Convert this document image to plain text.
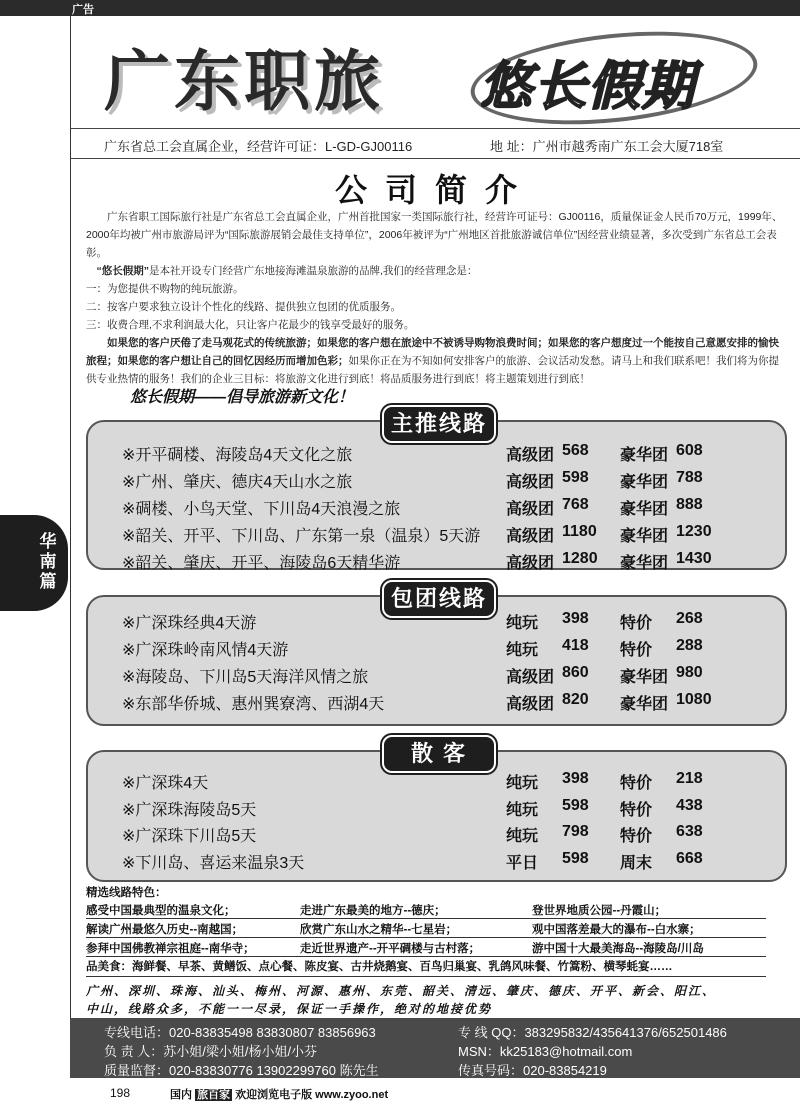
广告
广东职旅 悠长假期
广东省总工会直属企业，经营许可证：L-GD-GJ00116	地 址：广州市越秀南广东工会大厦718室
公司简介
广东省职工国际旅行社是广东省总工会直属企业，广州首批国家一类国际旅行社，经营许可证号：GJ00116，质量保证金人民币70万元，1999年、2000年均被广州市旅游局评为“国际旅游展销会最佳支持单位”，2006年被评为“广州地区首批旅游诚信单位”因经营业绩显著，多次受到广东省总工会表彰。
“悠长假期”是本社开设专门经营广东地接海滩温泉旅游的品牌,我们的经营理念是：
一：为您提供不购物的纯玩旅游。
二：按客户要求独立设计个性化的线路、提供独立包团的优质服务。
三：收费合理,不求利润最大化，只让客户花最少的钱享受最好的服务。
如果您的客户厌倦了走马观花式的传统旅游；如果您的客户想在旅途中不被诱导购物浪费时间；如果您的客户想度过一个能按自己意愿安排的愉快旅程；如果您的客户想让自己的回忆因经历而增加色彩；如果你正在为不知如何安排客户的旅游、会议活动发愁。请马上和我们联系吧！我们将为你提供专业热情的服务！我们的企业三目标：将旅游文化进行到底！将品质服务进行到底！将主题策划进行到底！
悠长假期——倡导旅游新文化！
主推线路
※开平碉楼、海陵岛4天文化之旅	高级团 568 豪华团 608
※广州、肇庆、德庆4天山水之旅	高级团 598 豪华团 788
※碉楼、小鸟天堂、下川岛4天浪漫之旅	高级团 768 豪华团 888
※韶关、开平、下川岛、广东第一泉（温泉）5天游 高级团 1180 豪华团 1230
※韶关、肇庆、开平、海陵岛6天精华游	高级团 1280 豪华团 1430
包团线路
※广深珠经典4天游	纯玩 398 特价 268
※广深珠岭南风情4天游	纯玩 418 特价 288
※海陵岛、下川岛5天海洋风情之旅	高级团 860 豪华团 980
※东部华侨城、惠州巽寮湾、西湖4天	高级团 820 豪华团 1080
散 客
※广深珠4天	纯玩 398 特价 218
※广深珠海陵岛5天	纯玩 598 特价 438
※广深珠下川岛5天	纯玩 798 特价 638
※下川岛、喜运来温泉3天	平日 598 周末 668
精选线路特色：
感受中国最典型的温泉文化；	走进广东最美的地方--德庆；	登世界地质公园--丹霞山；
解读广州最悠久历史--南越国；	欣赏广东山水之精华--七星岩；	观中国落差最大的瀑布--白水寨；
参拜中国佛教禅宗祖庭--南华寺；	走近世界遗产--开平碉楼与古村落；	游中国十大最美海岛--海陵岛/川岛
品美食：海鲜餐、早茶、黄鳝饭、点心餐、陈皮宴、古井烧鹅宴、百鸟归巢宴、乳鸽风味餐、竹篙粉、横琴蚝宴……
广州、深圳、珠海、汕头、梅州、河源、惠州、东莞、韶关、清远、肇庆、德庆、开平、新会、阳江、
中山，线路众多，不能一一尽录，保证一手操作，绝对的地接优势
专线电话：020-83835498 83830807 83856963	专 线 QQ：383295832/435641376/652501486
负 责 人：苏小姐/梁小姐/杨小姐/小芬	MSN：kk25183@hotmail.com
质量监督：020-83830776 13902299760 陈先生	传真号码：020-83854219
华南篇
198	国内 旅百家 欢迎浏览电子版 www.zyoo.net
